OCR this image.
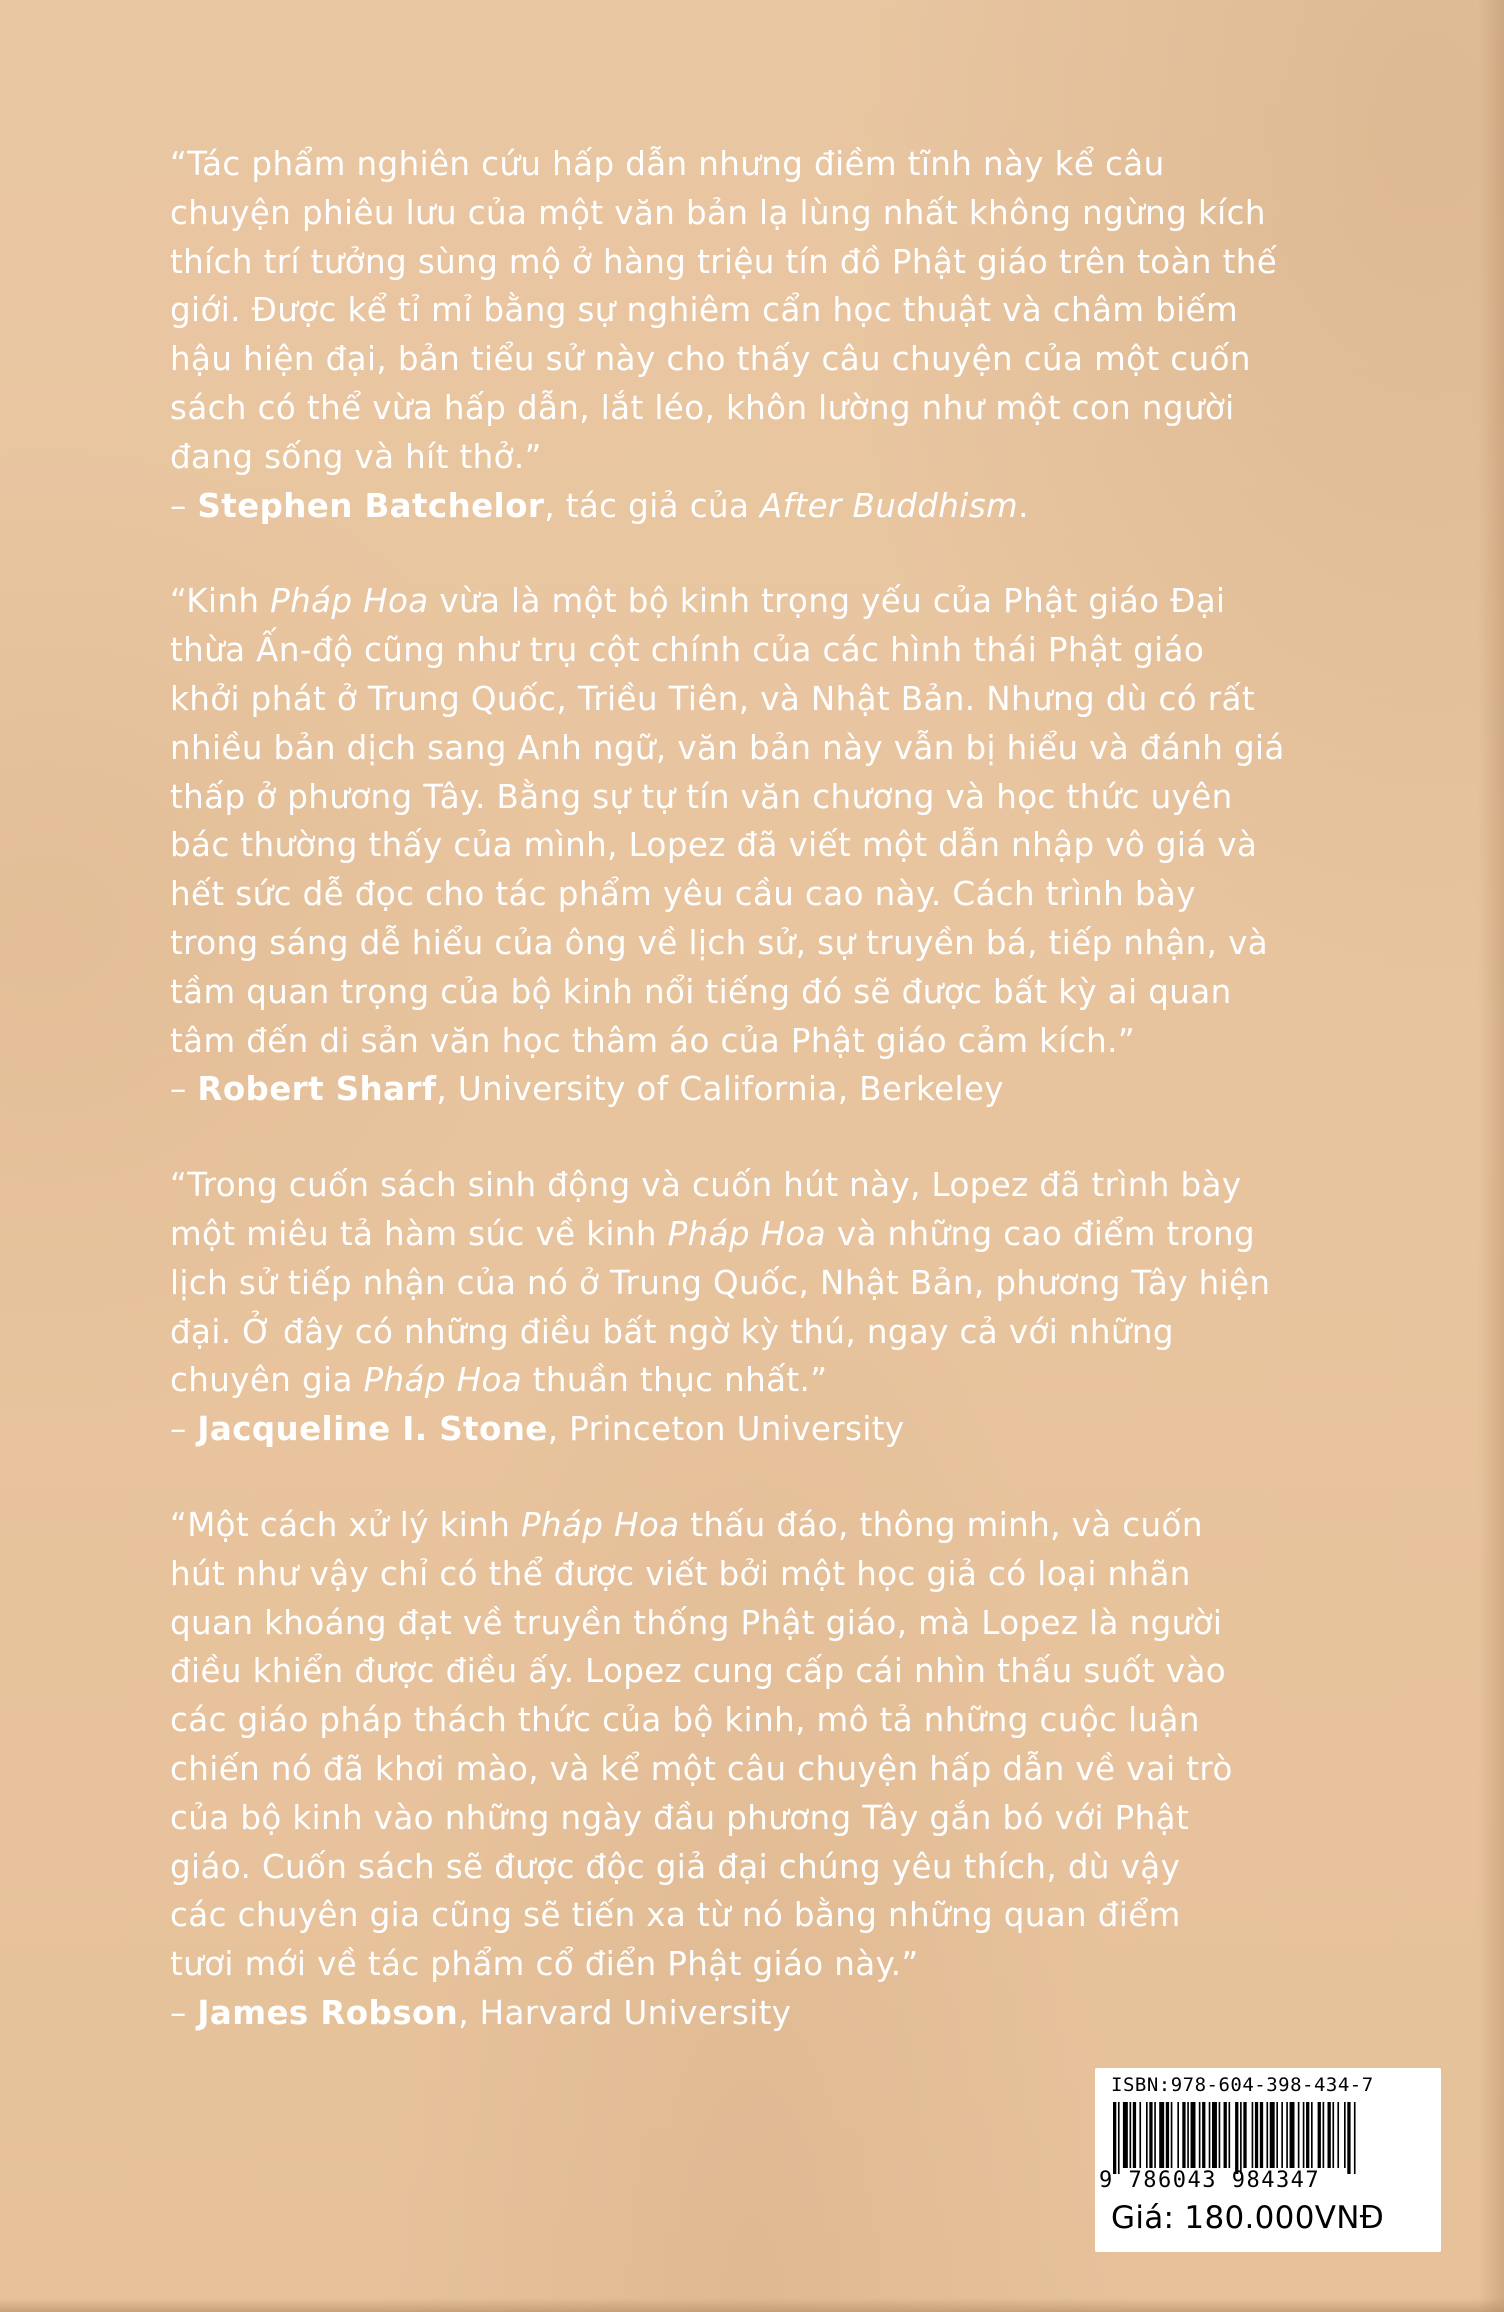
“Tác phẩm nghiên cứu hấp dẫn nhưng điềm tĩnh này kể câu
chuyện phiêu lưu của một văn bản lạ lùng nhất không ngừng kích
thích trí tưởng sùng mộ ở hàng triệu tín đồ Phật giáo trên toàn thế
giới. Được kể tỉ mỉ bằng sự nghiêm cẩn học thuật và châm biếm
hậu hiện đại, bản tiểu sử này cho thấy câu chuyện của một cuốn
sách có thể vừa hấp dẫn, lắt léo, khôn lường như một con người
đang sống và hít thở.”

– Stephen Batchelor, tác giả của After Buddhism.

“Kinh Pháp Hoa vừa là một bộ kinh trọng yếu của Phật giáo Đại
thừa Ấn-độ cũng như trụ cột chính của các hình thái Phật giáo
khởi phát ở Trung Quốc, Triều Tiên, và Nhật Bản. Nhưng dù có rất
nhiều bản dịch sang Anh ngữ, văn bản này vẫn bị hiểu và đánh giá
thấp ở phương Tây. Bằng sự tự tín văn chương và học thức uyên
bác thường thấy của mình, Lopez đã viết một dẫn nhập vô giá và
hết sức dễ đọc cho tác phẩm yêu cầu cao này. Cách trình bày
trong sáng dễ hiểu của ông về lịch sử, sự truyền bá, tiếp nhận, và
tầm quan trọng của bộ kinh nổi tiếng đó sẽ được bất kỳ ai quan
tâm đến di sản văn học thâm áo của Phật giáo cảm kích.”

– Robert Sharf, University of California, Berkeley

“Trong cuốn sách sinh động và cuốn hút này, Lopez đã trình bày
một miêu tả hàm súc về kinh Pháp Hoa và những cao điểm trong
lịch sử tiếp nhận của nó ở Trung Quốc, Nhật Bản, phương Tây hiện
đại. Ở đây có những điều bất ngờ kỳ thú, ngay cả với những
chuyên gia Pháp Hoa thuần thục nhất.”

– Jacqueline I. Stone, Princeton University

“Một cách xử lý kinh Pháp Hoa thấu đáo, thông minh, và cuốn
hút như vậy chỉ có thể được viết bởi một học giả có loại nhãn
quan khoáng đạt về truyền thống Phật giáo, mà Lopez là người
điều khiển được điều ấy. Lopez cung cấp cái nhìn thấu suốt vào
các giáo pháp thách thức của bộ kinh, mô tả những cuộc luận
chiến nó đã khơi mào, và kể một câu chuyện hấp dẫn về vai trò
của bộ kinh vào những ngày đầu phương Tây gắn bó với Phật
giáo. Cuốn sách sẽ được độc giả đại chúng yêu thích, dù vậy
các chuyên gia cũng sẽ tiến xa từ nó bằng những quan điểm
tươi mới về tác phẩm cổ điển Phật giáo này.”

– James Robson, Harvard University

ISBN:978-604-398-434-7
9 786043 984347
Giá: 180.000VNĐ
